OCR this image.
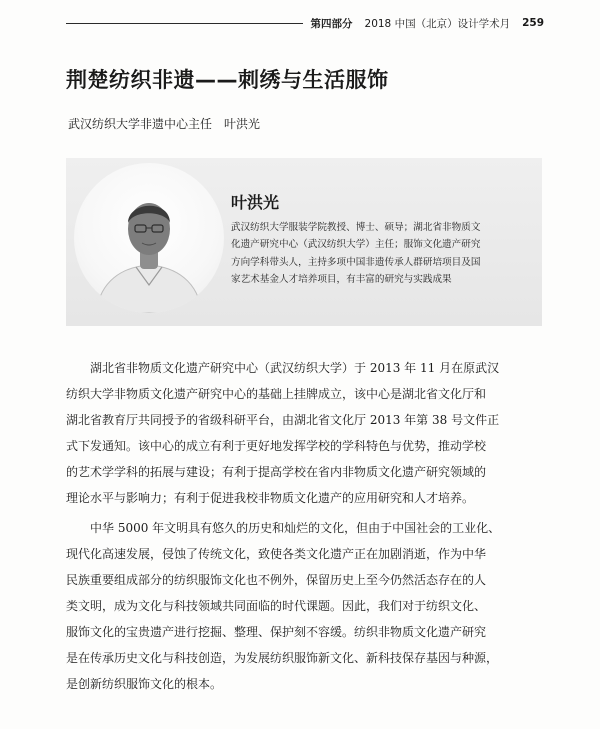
第四部分 2018 中国（北京）设计学术月 259
荆楚纺织非遗——刺绣与生活服饰
武汉纺织大学非遗中心主任　叶洪光
叶洪光
武汉纺织大学服装学院教授、博士、硕导；湖北省非物质文
化遗产研究中心（武汉纺织大学）主任；服饰文化遗产研究
方向学科带头人，主持多项中国非遗传承人群研培项目及国
家艺术基金人才培养项目，有丰富的研究与实践成果
　　湖北省非物质文化遗产研究中心（武汉纺织大学）于 2013 年 11 月在原武汉
纺织大学非物质文化遗产研究中心的基础上挂牌成立，该中心是湖北省文化厅和
湖北省教育厅共同授予的省级科研平台，由湖北省文化厅 2013 年第 38 号文件正
式下发通知。该中心的成立有利于更好地发挥学校的学科特色与优势，推动学校
的艺术学学科的拓展与建设；有利于提高学校在省内非物质文化遗产研究领域的
理论水平与影响力；有利于促进我校非物质文化遗产的应用研究和人才培养。
　　中华 5000 年文明具有悠久的历史和灿烂的文化，但由于中国社会的工业化、
现代化高速发展，侵蚀了传统文化，致使各类文化遗产正在加剧消逝，作为中华
民族重要组成部分的纺织服饰文化也不例外，保留历史上至今仍然活态存在的人
类文明，成为文化与科技领域共同面临的时代课题。因此，我们对于纺织文化、
服饰文化的宝贵遗产进行挖掘、整理、保护刻不容缓。纺织非物质文化遗产研究
是在传承历史文化与科技创造，为发展纺织服饰新文化、新科技保存基因与种源，
是创新纺织服饰文化的根本。
